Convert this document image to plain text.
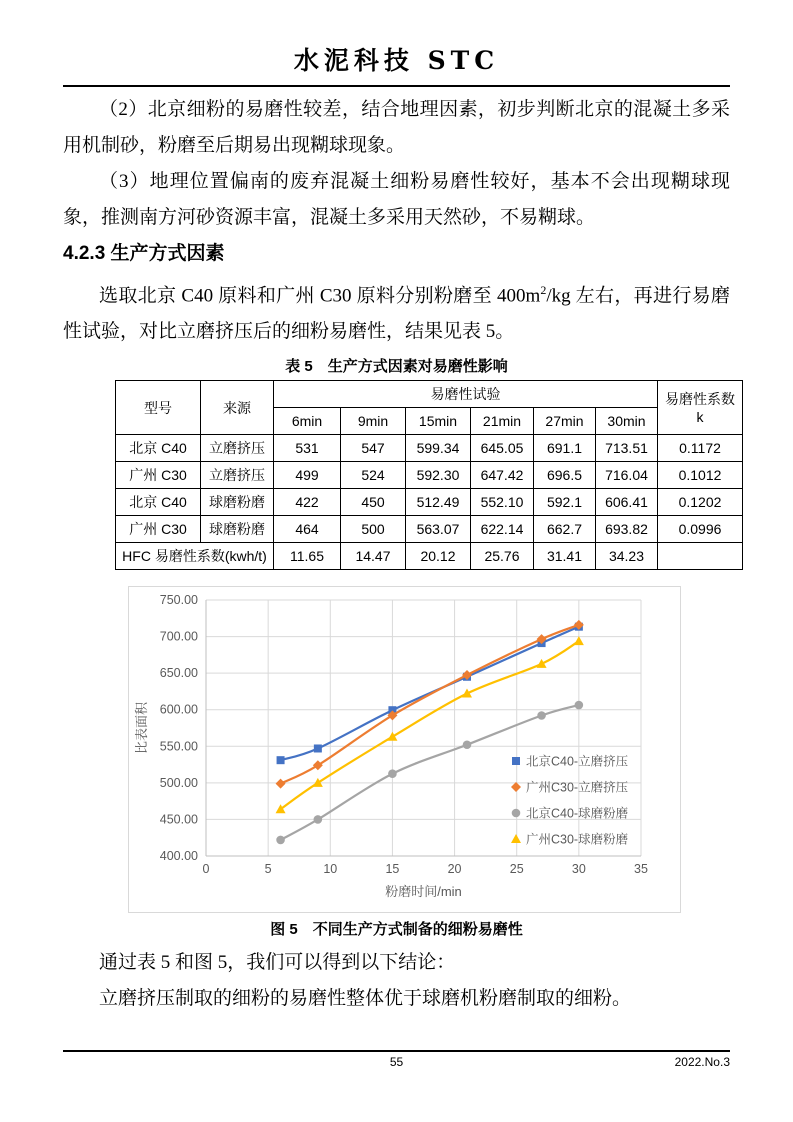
水泥科技 STC

（2）北京细粉的易磨性较差，结合地理因素，初步判断北京的混凝土多采用机制砂，粉磨至后期易出现糊球现象。

（3）地理位置偏南的废弃混凝土细粉易磨性较好，基本不会出现糊球现象，推测南方河砂资源丰富，混凝土多采用天然砂，不易糊球。

4.2.3 生产方式因素

选取北京 C40 原料和广州 C30 原料分别粉磨至 $400m^2/kg$ 左右，再进行易磨性试验，对比立磨挤压后的细粉易磨性，结果见表 5。

表 5　生产方式因素对易磨性影响
型号	来源	易磨性试验						易磨性系数 k
		6min	9min	15min	21min	27min	30min	
北京 C40	立磨挤压	531	547	599.34	645.05	691.1	713.51	0.1172
广州 C30	立磨挤压	499	524	592.30	647.42	696.5	716.04	0.1012
北京 C40	球磨粉磨	422	450	512.49	552.10	592.1	606.41	0.1202
广州 C30	球磨粉磨	464	500	563.07	622.14	662.7	693.82	0.0996
HFC 易磨性系数(kwh/t)		11.65	14.47	20.12	25.76	31.41	34.23	
400.00
450.00
500.00
550.00
600.00
650.00
700.00
750.00
0	5	10	15	20	25	30	35
比表面积
粉磨时间/min
北京C40-立磨挤压
广州C30-立磨挤压
北京C40-球磨粉磨
广州C30-球磨粉磨
图 5　不同生产方式制备的细粉易磨性

通过表 5 和图 5，我们可以得到以下结论：

立磨挤压制取的细粉的易磨性整体优于球磨机粉磨制取的细粉。

55	2022.No.3
